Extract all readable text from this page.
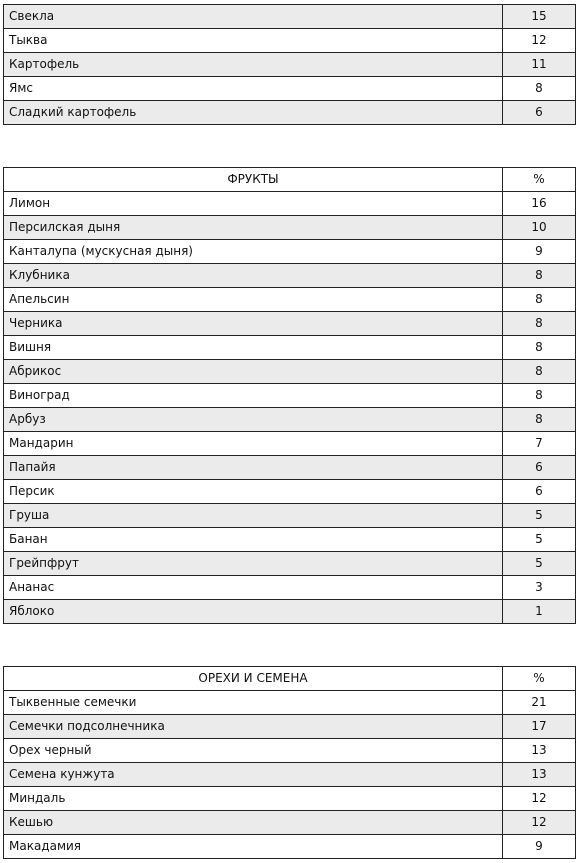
Свекла	15
Тыква	12
Картофель	11
Ямс	8
Сладкий картофель	6
ФРУКТЫ	%
Лимон	16
Персилская дыня	10
Канталупа (мускусная дыня)	9
Клубника	8
Апельсин	8
Черника	8
Вишня	8
Абрикос	8
Виноград	8
Арбуз	8
Мандарин	7
Папайя	6
Персик	6
Груша	5
Банан	5
Грейпфрут	5
Ананас	3
Яблоко	1
ОРЕХИ И СЕМЕНА	%
Тыквенные семечки	21
Семечки подсолнечника	17
Орех черный	13
Семена кунжута	13
Миндаль	12
Кешью	12
Макадамия	9
